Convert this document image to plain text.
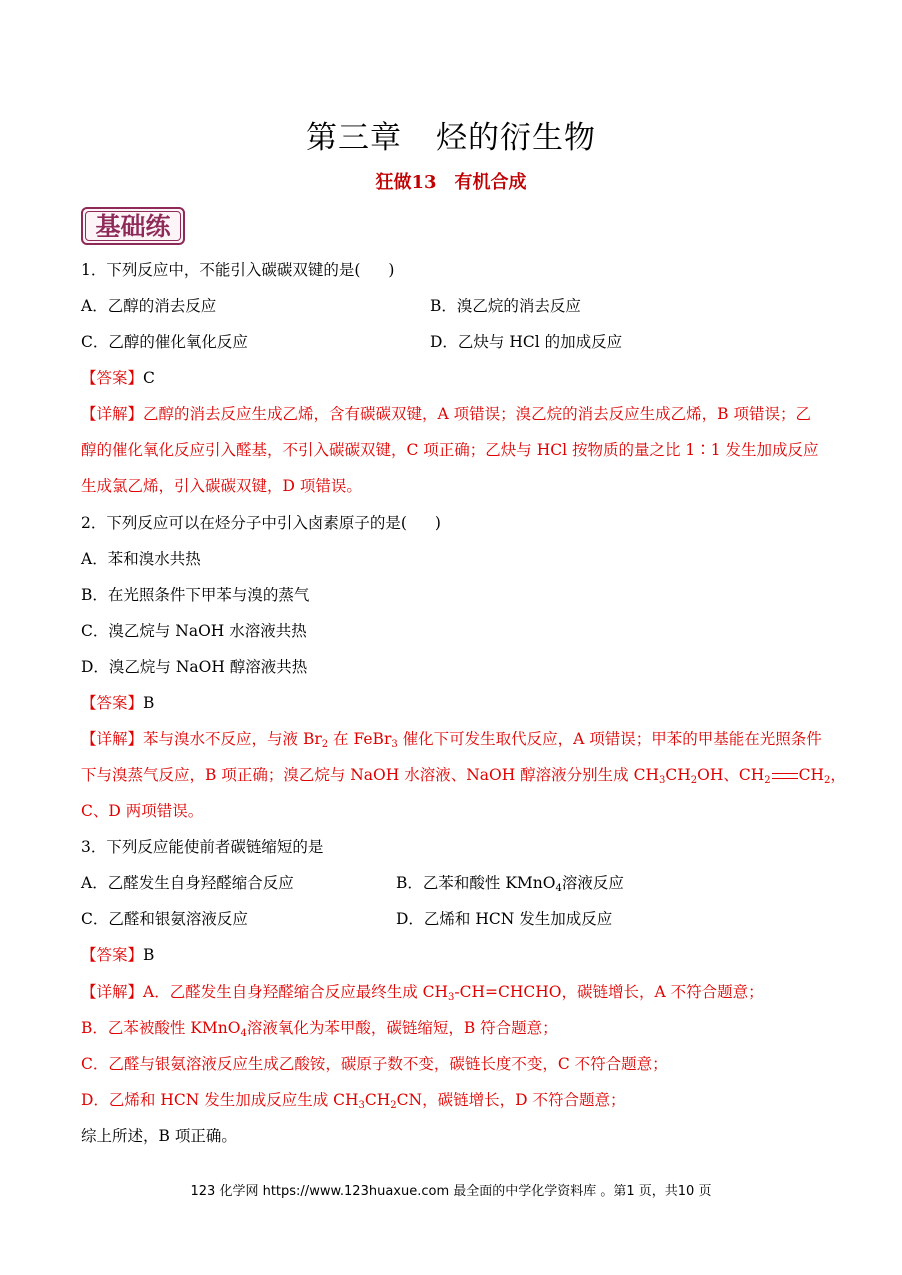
第三章 烃的衍生物
狂做13 有机合成
基础练
1．下列反应中，不能引入碳碳双键的是( )
A．乙醇的消去反应	B．溴乙烷的消去反应
C．乙醇的催化氧化反应	D．乙炔与 HCl 的加成反应
【答案】C
【详解】乙醇的消去反应生成乙烯，含有碳碳双键，A 项错误；溴乙烷的消去反应生成乙烯，B 项错误；乙
醇的催化氧化反应引入醛基，不引入碳碳双键，C 项正确；乙炔与 HCl 按物质的量之比 1∶1 发生加成反应
生成氯乙烯，引入碳碳双键，D 项错误。
2．下列反应可以在烃分子中引入卤素原子的是( )
A．苯和溴水共热
B．在光照条件下甲苯与溴的蒸气
C．溴乙烷与 NaOH 水溶液共热
D．溴乙烷与 NaOH 醇溶液共热
【答案】B
【详解】苯与溴水不反应，与液 $Br_2$ 在 FeBr$_3$ 催化下可发生取代反应，A 项错误；甲苯的甲基能在光照条件
下与溴蒸气反应，B 项正确；溴乙烷与 NaOH 水溶液、NaOH 醇溶液分别生成 $CH_3CH_2OH$、$CH_2$ $CH_2$，
C、D 两项错误。
3．下列反应能使前者碳链缩短的是
A．乙醛发生自身羟醛缩合反应	B．乙苯和酸性 KMnO$_4$溶液反应
C．乙醛和银氨溶液反应	D．乙烯和 HCN 发生加成反应
【答案】B
【详解】A．乙醛发生自身羟醛缩合反应最终生成 $CH_3-CH=CHCHO$，碳链增长，A 不符合题意；
B．乙苯被酸性 KMnO$_4$溶液氧化为苯甲酸，碳链缩短，B 符合题意；
C．乙醛与银氨溶液反应生成乙酸铵，碳原子数不变，碳链长度不变，C 不符合题意；
D．乙烯和 HCN 发生加成反应生成 $CH_3CH_2CN$，碳链增长，D 不符合题意；
综上所述，B 项正确。
123 化学网 https://www.123huaxue.com 最全面的中学化学资料库 。第1 页，共10 页
